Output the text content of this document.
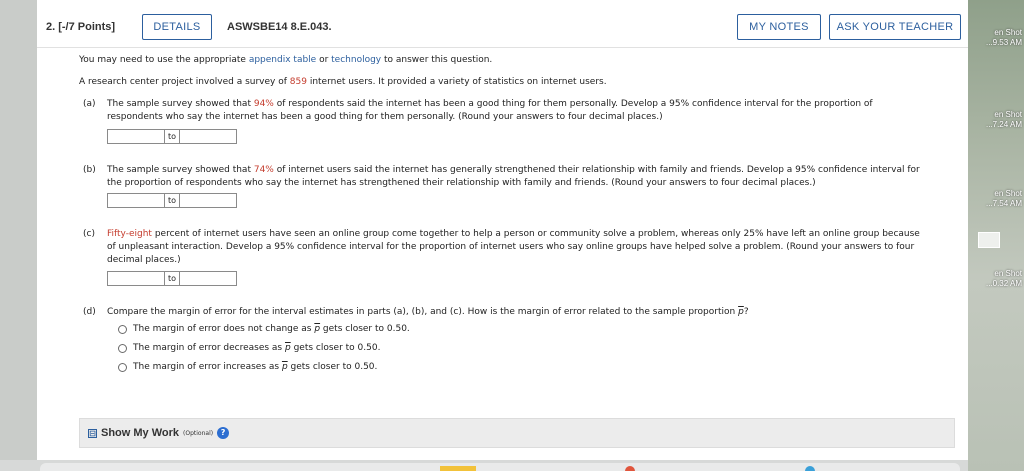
en Shot
...9.53 AM
en Shot
...7.24 AM
en Shot
...7.54 AM
en Shot
...0.32 AM
2. [-/7 Points]	DETAILS	ASWSBE14 8.E.043.	MY NOTES	ASK YOUR TEACHER
You may need to use the appropriate appendix table or technology to answer this question.
A research center project involved a survey of 859 internet users. It provided a variety of statistics on internet users.
(a) The sample survey showed that 94% of respondents said the internet has been a good thing for them personally. Develop a 95% confidence interval for the proportion of
respondents who say the internet has been a good thing for them personally. (Round your answers to four decimal places.)
to
(b) The sample survey showed that 74% of internet users said the internet has generally strengthened their relationship with family and friends. Develop a 95% confidence interval for
the proportion of respondents who say the internet has strengthened their relationship with family and friends. (Round your answers to four decimal places.)
to
(c) Fifty-eight percent of internet users have seen an online group come together to help a person or community solve a problem, whereas only 25% have left an online group because
of unpleasant interaction. Develop a 95% confidence interval for the proportion of internet users who say online groups have helped solve a problem. (Round your answers to four
decimal places.)
to
(d) Compare the margin of error for the interval estimates in parts (a), (b), and (c). How is the margin of error related to the sample proportion $\overline{p}$?
The margin of error does not change as $\overline{p}$ gets closer to 0.50.
The margin of error decreases as $\overline{p}$ gets closer to 0.50.
The margin of error increases as $\overline{p}$ gets closer to 0.50.
⊟ Show My Work (Optional) ?
